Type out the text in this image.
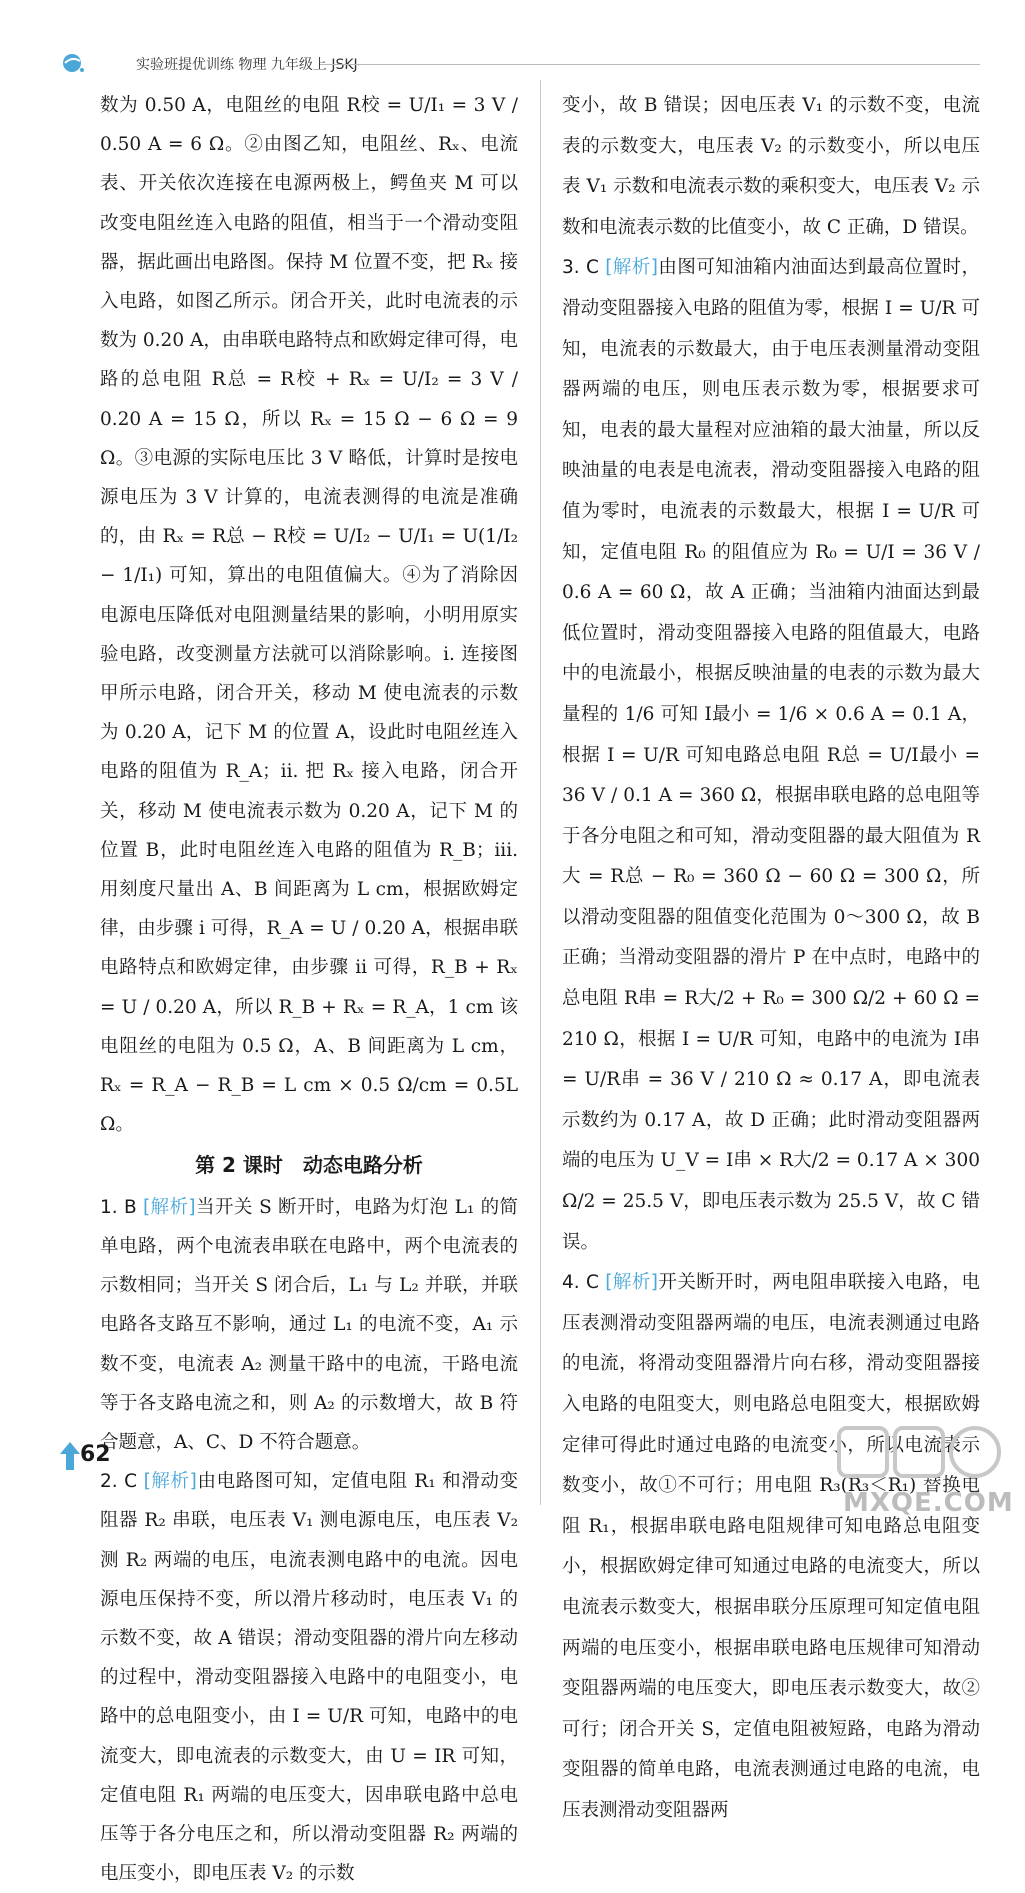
实验班提优训练 物理 九年级上 JSKJ

数为 0.50 A，电阻丝的电阻 R校 = U/I₁ = 3 V / 0.50 A = 6 Ω。②由图乙知，电阻丝、Rₓ、电流表、开关依次连接在电源两极上，鳄鱼夹 M 可以改变电阻丝连入电路的阻值，相当于一个滑动变阻器，据此画出电路图。保持 M 位置不变，把 Rₓ 接入电路，如图乙所示。闭合开关，此时电流表的示数为 0.20 A，由串联电路特点和欧姆定律可得，电路的总电阻 R总 = R校 + Rₓ = U/I₂ = 3 V / 0.20 A = 15 Ω，所以 Rₓ = 15 Ω − 6 Ω = 9 Ω。③电源的实际电压比 3 V 略低，计算时是按电源电压为 3 V 计算的，电流表测得的电流是准确的，由 Rₓ = R总 − R校 = U/I₂ − U/I₁ = U(1/I₂ − 1/I₁) 可知，算出的电阻值偏大。④为了消除因电源电压降低对电阻测量结果的影响，小明用原实验电路，改变测量方法就可以消除影响。i. 连接图甲所示电路，闭合开关，移动 M 使电流表的示数为 0.20 A，记下 M 的位置 A，设此时电阻丝连入电路的阻值为 R_A；ii. 把 Rₓ 接入电路，闭合开关，移动 M 使电流表示数为 0.20 A，记下 M 的位置 B，此时电阻丝连入电路的阻值为 R_B；iii. 用刻度尺量出 A、B 间距离为 L cm，根据欧姆定律，由步骤 i 可得，R_A = U / 0.20 A，根据串联电路特点和欧姆定律，由步骤 ii 可得，R_B + Rₓ = U / 0.20 A，所以 R_B + Rₓ = R_A，1 cm 该电阻丝的电阻为 0.5 Ω，A、B 间距离为 L cm，Rₓ = R_A − R_B = L cm × 0.5 Ω/cm = 0.5L Ω。

第 2 课时　动态电路分析

1. B [解析]当开关 S 断开时，电路为灯泡 L₁ 的简单电路，两个电流表串联在电路中，两个电流表的示数相同；当开关 S 闭合后，L₁ 与 L₂ 并联，并联电路各支路互不影响，通过 L₁ 的电流不变，A₁ 示数不变，电流表 A₂ 测量干路中的电流，干路电流等于各支路电流之和，则 A₂ 的示数增大，故 B 符合题意，A、C、D 不符合题意。

2. C [解析]由电路图可知，定值电阻 R₁ 和滑动变阻器 R₂ 串联，电压表 V₁ 测电源电压，电压表 V₂ 测 R₂ 两端的电压，电流表测电路中的电流。因电源电压保持不变，所以滑片移动时，电压表 V₁ 的示数不变，故 A 错误；滑动变阻器的滑片向左移动的过程中，滑动变阻器接入电路中的电阻变小，电路中的总电阻变小，由 I = U/R 可知，电路中的电流变大，即电流表的示数变大，由 U = IR 可知，定值电阻 R₁ 两端的电压变大，因串联电路中总电压等于各分电压之和，所以滑动变阻器 R₂ 两端的电压变小，即电压表 V₂ 的示数

变小，故 B 错误；因电压表 V₁ 的示数不变，电流表的示数变大，电压表 V₂ 的示数变小，所以电压表 V₁ 示数和电流表示数的乘积变大，电压表 V₂ 示数和电流表示数的比值变小，故 C 正确，D 错误。

3. C [解析]由图可知油箱内油面达到最高位置时，滑动变阻器接入电路的阻值为零，根据 I = U/R 可知，电流表的示数最大，由于电压表测量滑动变阻器两端的电压，则电压表示数为零，根据要求可知，电表的最大量程对应油箱的最大油量，所以反映油量的电表是电流表，滑动变阻器接入电路的阻值为零时，电流表的示数最大，根据 I = U/R 可知，定值电阻 R₀ 的阻值应为 R₀ = U/I = 36 V / 0.6 A = 60 Ω，故 A 正确；当油箱内油面达到最低位置时，滑动变阻器接入电路的阻值最大，电路中的电流最小，根据反映油量的电表的示数为最大量程的 1/6 可知 I最小 = 1/6 × 0.6 A = 0.1 A，根据 I = U/R 可知电路总电阻 R总 = U/I最小 = 36 V / 0.1 A = 360 Ω，根据串联电路的总电阻等于各分电阻之和可知，滑动变阻器的最大阻值为 R大 = R总 − R₀ = 360 Ω − 60 Ω = 300 Ω，所以滑动变阻器的阻值变化范围为 0～300 Ω，故 B 正确；当滑动变阻器的滑片 P 在中点时，电路中的总电阻 R串 = R大/2 + R₀ = 300 Ω/2 + 60 Ω = 210 Ω，根据 I = U/R 可知，电路中的电流为 I串 = U/R串 = 36 V / 210 Ω ≈ 0.17 A，即电流表示数约为 0.17 A，故 D 正确；此时滑动变阻器两端的电压为 U_V = I串 × R大/2 = 0.17 A × 300 Ω/2 = 25.5 V，即电压表示数为 25.5 V，故 C 错误。

4. C [解析]开关断开时，两电阻串联接入电路，电压表测滑动变阻器两端的电压，电流表测通过电路的电流，将滑动变阻器滑片向右移，滑动变阻器接入电路的电阻变大，则电路总电阻变大，根据欧姆定律可得此时通过电路的电流变小，所以电流表示数变小，故①不可行；用电阻 R₃(R₃＜R₁) 替换电阻 R₁，根据串联电路电阻规律可知电路总电阻变小，根据欧姆定律可知通过电路的电流变大，所以电流表示数变大，根据串联分压原理可知定值电阻两端的电压变小，根据串联电路电压规律可知滑动变阻器两端的电压变大，即电压表示数变大，故②可行；闭合开关 S，定值电阻被短路，电路为滑动变阻器的简单电路，电流表测通过电路的电流，电压表测滑动变阻器两

62
MXQE.COM
